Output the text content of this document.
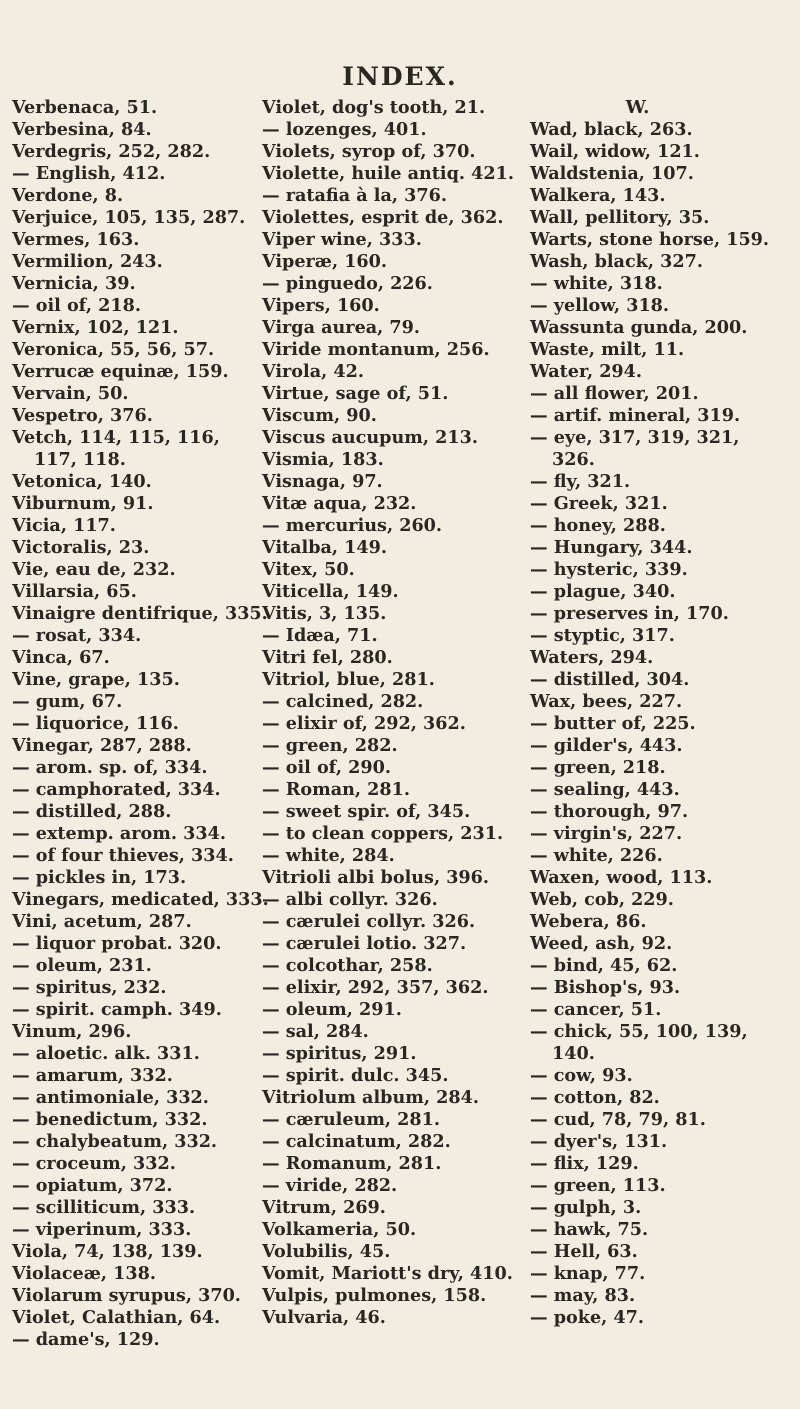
INDEX.
Verbenaca, 51.
Verbesina, 84.
Verdegris, 252, 282.
— English, 412.
Verdone, 8.
Verjuice, 105, 135, 287.
Vermes, 163.
Vermilion, 243.
Vernicia, 39.
— oil of, 218.
Vernix, 102, 121.
Veronica, 55, 56, 57.
Verrucæ equinæ, 159.
Vervain, 50.
Vespetro, 376.
Vetch, 114, 115, 116,
117, 118.
Vetonica, 140.
Viburnum, 91.
Vicia, 117.
Victoralis, 23.
Vie, eau de, 232.
Villarsia, 65.
Vinaigre dentifrique, 335.
— rosat, 334.
Vinca, 67.
Vine, grape, 135.
— gum, 67.
— liquorice, 116.
Vinegar, 287, 288.
— arom. sp. of, 334.
— camphorated, 334.
— distilled, 288.
— extemp. arom. 334.
— of four thieves, 334.
— pickles in, 173.
Vinegars, medicated, 333.
Vini, acetum, 287.
— liquor probat. 320.
— oleum, 231.
— spiritus, 232.
— spirit. camph. 349.
Vinum, 296.
— aloetic. alk. 331.
— amarum, 332.
— antimoniale, 332.
— benedictum, 332.
— chalybeatum, 332.
— croceum, 332.
— opiatum, 372.
— scilliticum, 333.
— viperinum, 333.
Viola, 74, 138, 139.
Violaceæ, 138.
Violarum syrupus, 370.
Violet, Calathian, 64.
— dame's, 129.
Violet, dog's tooth, 21.
— lozenges, 401.
Violets, syrop of, 370.
Violette, huile antiq. 421.
— ratafia à la, 376.
Violettes, esprit de, 362.
Viper wine, 333.
Viperæ, 160.
— pinguedo, 226.
Vipers, 160.
Virga aurea, 79.
Viride montanum, 256.
Virola, 42.
Virtue, sage of, 51.
Viscum, 90.
Viscus aucupum, 213.
Vismia, 183.
Visnaga, 97.
Vitæ aqua, 232.
— mercurius, 260.
Vitalba, 149.
Vitex, 50.
Viticella, 149.
Vitis, 3, 135.
— Idæa, 71.
Vitri fel, 280.
Vitriol, blue, 281.
— calcined, 282.
— elixir of, 292, 362.
— green, 282.
— oil of, 290.
— Roman, 281.
— sweet spir. of, 345.
— to clean coppers, 231.
— white, 284.
Vitrioli albi bolus, 396.
— albi collyr. 326.
— cærulei collyr. 326.
— cærulei lotio. 327.
— colcothar, 258.
— elixir, 292, 357, 362.
— oleum, 291.
— sal, 284.
— spiritus, 291.
— spirit. dulc. 345.
Vitriolum album, 284.
— cæruleum, 281.
— calcinatum, 282.
— Romanum, 281.
— viride, 282.
Vitrum, 269.
Volkameria, 50.
Volubilis, 45.
Vomit, Mariott's dry, 410.
Vulpis, pulmones, 158.
Vulvaria, 46.
W.
Wad, black, 263.
Wail, widow, 121.
Waldstenia, 107.
Walkera, 143.
Wall, pellitory, 35.
Warts, stone horse, 159.
Wash, black, 327.
— white, 318.
— yellow, 318.
Wassunta gunda, 200.
Waste, milt, 11.
Water, 294.
— all flower, 201.
— artif. mineral, 319.
— eye, 317, 319, 321,
326.
— fly, 321.
— Greek, 321.
— honey, 288.
— Hungary, 344.
— hysteric, 339.
— plague, 340.
— preserves in, 170.
— styptic, 317.
Waters, 294.
— distilled, 304.
Wax, bees, 227.
— butter of, 225.
— gilder's, 443.
— green, 218.
— sealing, 443.
— thorough, 97.
— virgin's, 227.
— white, 226.
Waxen, wood, 113.
Web, cob, 229.
Webera, 86.
Weed, ash, 92.
— bind, 45, 62.
— Bishop's, 93.
— cancer, 51.
— chick, 55, 100, 139,
140.
— cow, 93.
— cotton, 82.
— cud, 78, 79, 81.
— dyer's, 131.
— flix, 129.
— green, 113.
— gulph, 3.
— hawk, 75.
— Hell, 63.
— knap, 77.
— may, 83.
— poke, 47.
